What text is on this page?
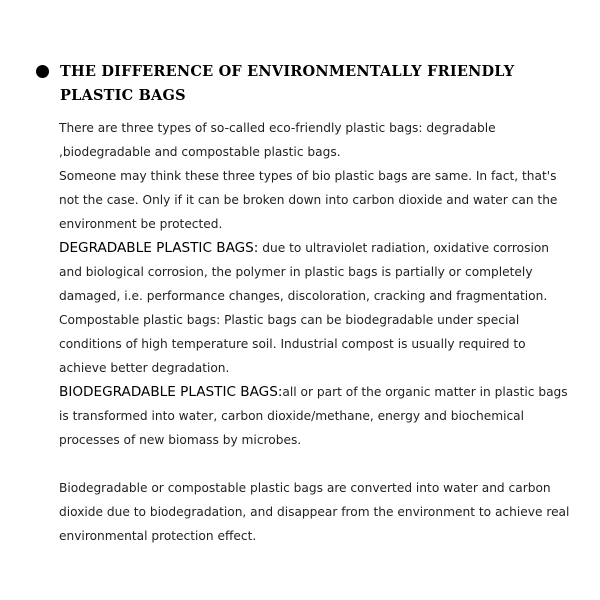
THE DIFFERENCE OF ENVIRONMENTALLY FRIENDLY PLASTIC BAGS

There are three types of so-called eco-friendly plastic bags: degradable ,biodegradable and compostable plastic bags.

Someone may think these three types of bio plastic bags are same. In fact, that's not the case. Only if it can be broken down into carbon dioxide and water can the environment be protected.

DEGRADABLE PLASTIC BAGS: due to ultraviolet radiation, oxidative corrosion and biological corrosion, the polymer in plastic bags is partially or completely damaged, i.e. performance changes, discoloration, cracking and fragmentation.

Compostable plastic bags: Plastic bags can be biodegradable under special conditions of high temperature soil. Industrial compost is usually required to achieve better degradation.

BIODEGRADABLE PLASTIC BAGS:all or part of the organic matter in plastic bags is transformed into water, carbon dioxide/methane, energy and biochemical processes of new biomass by microbes.

Biodegradable or compostable plastic bags are converted into water and carbon dioxide due to biodegradation, and disappear from the environment to achieve real environmental protection effect.
